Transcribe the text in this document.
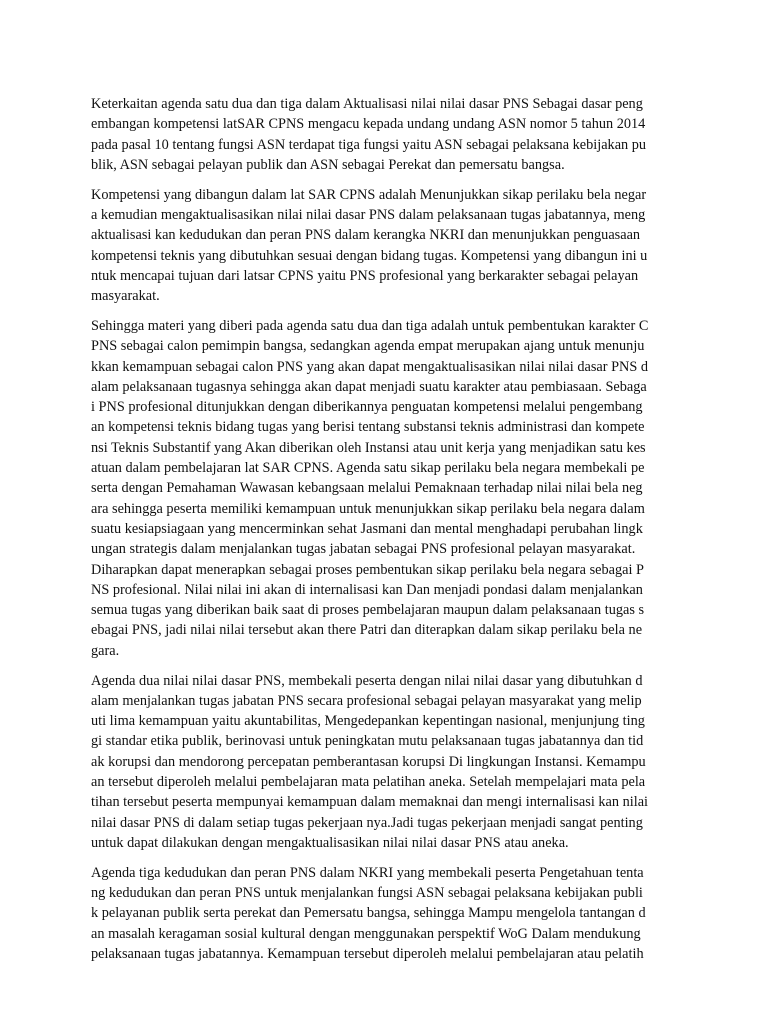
Keterkaitan agenda satu dua dan tiga dalam Aktualisasi nilai nilai dasar PNS Sebagai dasar peng
embangan kompetensi latSAR CPNS mengacu kepada undang undang ASN nomor 5 tahun 2014
pada pasal 10 tentang fungsi ASN terdapat tiga fungsi yaitu ASN sebagai pelaksana kebijakan pu
blik, ASN sebagai pelayan publik dan ASN sebagai Perekat dan pemersatu bangsa.
Kompetensi yang dibangun dalam lat SAR CPNS adalah Menunjukkan sikap perilaku bela negar
a kemudian mengaktualisasikan nilai nilai dasar PNS dalam pelaksanaan tugas jabatannya, meng
aktualisasi kan kedudukan dan peran PNS dalam kerangka NKRI dan menunjukkan penguasaan
kompetensi teknis yang dibutuhkan sesuai dengan bidang tugas. Kompetensi yang dibangun ini u
ntuk mencapai tujuan dari latsar CPNS yaitu PNS profesional yang berkarakter sebagai pelayan
masyarakat.
Sehingga materi yang diberi pada agenda satu dua dan tiga adalah untuk pembentukan karakter C
PNS sebagai calon pemimpin bangsa, sedangkan agenda empat merupakan ajang untuk menunju
kkan kemampuan sebagai calon PNS yang akan dapat mengaktualisasikan nilai nilai dasar PNS d
alam pelaksanaan tugasnya sehingga akan dapat menjadi suatu karakter atau pembiasaan. Sebaga
i PNS profesional ditunjukkan dengan diberikannya penguatan kompetensi melalui pengembang
an kompetensi teknis bidang tugas yang berisi tentang substansi teknis administrasi dan kompete
nsi Teknis Substantif yang Akan diberikan oleh Instansi atau unit kerja yang menjadikan satu kes
atuan dalam pembelajaran lat SAR CPNS. Agenda satu sikap perilaku bela negara membekali pe
serta dengan Pemahaman Wawasan kebangsaan melalui Pemaknaan terhadap nilai nilai bela neg
ara sehingga peserta memiliki kemampuan untuk menunjukkan sikap perilaku bela negara dalam
suatu kesiapsiagaan yang mencerminkan sehat Jasmani dan mental menghadapi perubahan lingk
ungan strategis dalam menjalankan tugas jabatan sebagai PNS profesional pelayan masyarakat.
Diharapkan dapat menerapkan sebagai proses pembentukan sikap perilaku bela negara sebagai P
NS profesional. Nilai nilai ini akan di internalisasi kan Dan menjadi pondasi dalam menjalankan
semua tugas yang diberikan baik saat di proses pembelajaran maupun dalam pelaksanaan tugas s
ebagai PNS, jadi nilai nilai tersebut akan there Patri dan diterapkan dalam sikap perilaku bela ne
gara.
Agenda dua nilai nilai dasar PNS, membekali peserta dengan nilai nilai dasar yang dibutuhkan d
alam menjalankan tugas jabatan PNS secara profesional sebagai pelayan masyarakat yang melip
uti lima kemampuan yaitu akuntabilitas, Mengedepankan kepentingan nasional, menjunjung ting
gi standar etika publik, berinovasi untuk peningkatan mutu pelaksanaan tugas jabatannya dan tid
ak korupsi dan mendorong percepatan pemberantasan korupsi Di lingkungan Instansi. Kemampu
an tersebut diperoleh melalui pembelajaran mata pelatihan aneka. Setelah mempelajari mata pela
tihan tersebut peserta mempunyai kemampuan dalam memaknai dan mengi internalisasi kan nilai
nilai dasar PNS di dalam setiap tugas pekerjaan nya.Jadi tugas pekerjaan menjadi sangat penting
untuk dapat dilakukan dengan mengaktualisasikan nilai nilai dasar PNS atau aneka.
Agenda tiga kedudukan dan peran PNS dalam NKRI yang membekali peserta Pengetahuan tenta
ng kedudukan dan peran PNS untuk menjalankan fungsi ASN sebagai pelaksana kebijakan publi
k pelayanan publik serta perekat dan Pemersatu bangsa, sehingga Mampu mengelola tantangan d
an masalah keragaman sosial kultural dengan menggunakan perspektif WoG Dalam mendukung
pelaksanaan tugas jabatannya. Kemampuan tersebut diperoleh melalui pembelajaran atau pelatih
